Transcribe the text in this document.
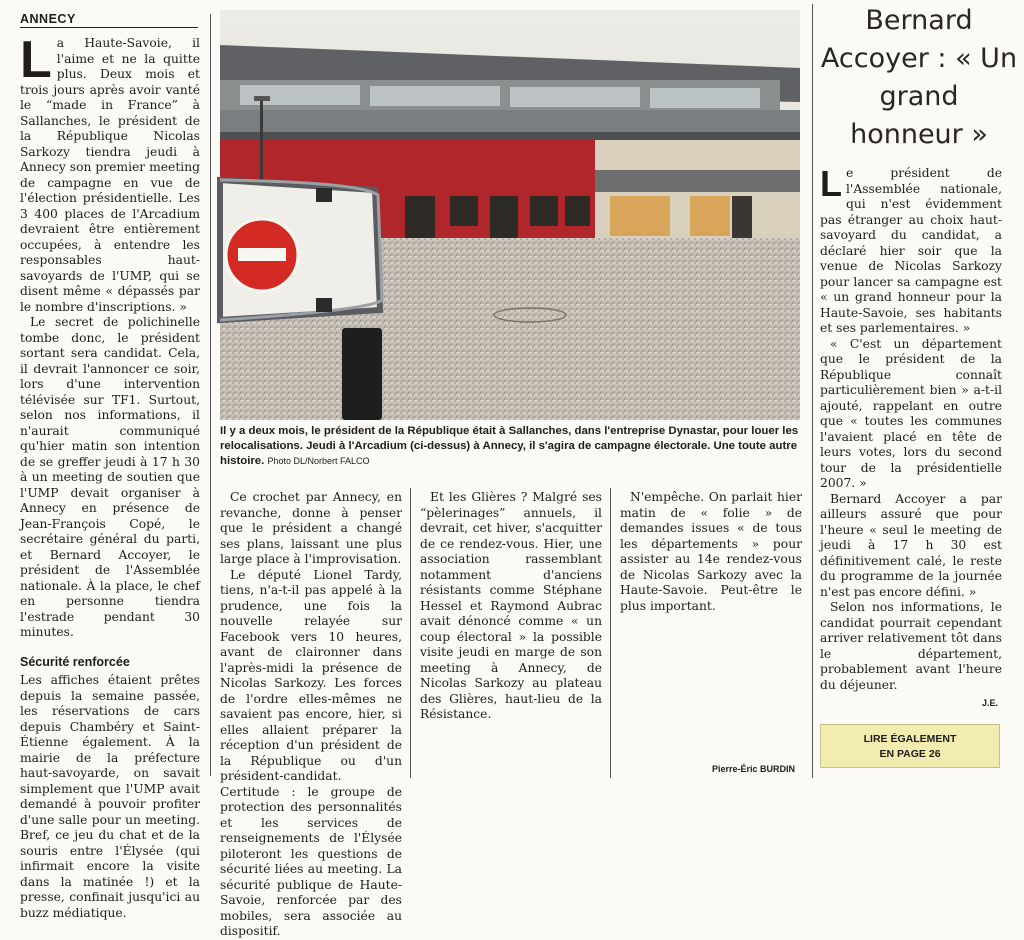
ANNECY

La Haute-Savoie, il l'aime et ne la quitte plus. Deux mois et trois jours après avoir vanté le “made in France” à Sallanches, le président de la République Nicolas Sarkozy tiendra jeudi à Annecy son premier meeting de campagne en vue de l'élection présidentielle. Les 3 400 places de l'Arcadium devraient être entièrement occupées, à entendre les responsables haut-savoyards de l'UMP, qui se disent même « dépassés par le nombre d'inscriptions. »

Le secret de polichinelle tombe donc, le président sortant sera candidat. Cela, il devrait l'annoncer ce soir, lors d'une intervention télévisée sur TF1. Surtout, selon nos informations, il n'aurait communiqué qu'hier matin son intention de se greffer jeudi à 17 h 30 à un meeting de soutien que l'UMP devait organiser à Annecy en présence de Jean-François Copé, le secrétaire général du parti, et Bernard Accoyer, le président de l'Assemblée nationale. À la place, le chef en personne tiendra l'estrade pendant 30 minutes.

Sécurité renforcée

Les affiches étaient prêtes depuis la semaine passée, les réservations de cars depuis Chambéry et Saint-Étienne également. À la mairie de la préfecture haut-savoyarde, on savait simplement que l'UMP avait demandé à pouvoir profiter d'une salle pour un meeting. Bref, ce jeu du chat et de la souris entre l'Élysée (qui infirmait encore la visite dans la matinée !) et la presse, confinait jusqu'ici au buzz médiatique.

Il y a deux mois, le président de la République était à Sallanches, dans l'entreprise Dynastar, pour louer les relocalisations. Jeudi à l'Arcadium (ci-dessus) à Annecy, il s'agira de campagne électorale. Une toute autre histoire. Photo DL/Norbert FALCO

Ce crochet par Annecy, en revanche, donne à penser que le président a changé ses plans, laissant une plus large place à l'improvisation.

Le député Lionel Tardy, tiens, n'a-t-il pas appelé à la prudence, une fois la nouvelle relayée sur Facebook vers 10 heures, avant de claironner dans l'après-midi la présence de Nicolas Sarkozy. Les forces de l'ordre elles-mêmes ne savaient pas encore, hier, si elles allaient préparer la réception d'un président de la République ou d'un président-candidat. Certitude : le groupe de protection des personnalités et les services de renseignements de l'Élysée piloteront les questions de sécurité liées au meeting. La sécurité publique de Haute-Savoie, renforcée par des mobiles, sera associée au dispositif.

Et les Glières ? Malgré ses “pèlerinages” annuels, il devrait, cet hiver, s'acquitter de ce rendez-vous. Hier, une association rassemblant notamment d'anciens résistants comme Stéphane Hessel et Raymond Aubrac avait dénoncé comme « un coup électoral » la possible visite jeudi en marge de son meeting à Annecy, de Nicolas Sarkozy au plateau des Glières, haut-lieu de la Résistance.

N'empêche. On parlait hier matin de « folie » de demandes issues « de tous les départements » pour assister au 14e rendez-vous de Nicolas Sarkozy avec la Haute-Savoie. Peut-être le plus important.

Pierre-Éric BURDIN
Bernard Accoyer : « Un grand honneur »

Le président de l'Assemblée nationale, qui n'est évidemment pas étranger au choix haut-savoyard du candidat, a déclaré hier soir que la venue de Nicolas Sarkozy pour lancer sa campagne est « un grand honneur pour la Haute-Savoie, ses habitants et ses parlementaires. »

« C'est un département que le président de la République connaît particulièrement bien » a-t-il ajouté, rappelant en outre que « toutes les communes l'avaient placé en tête de leurs votes, lors du second tour de la présidentielle 2007. »

Bernard Accoyer a par ailleurs assuré que pour l'heure « seul le meeting de jeudi à 17 h 30 est définitivement calé, le reste du programme de la journée n'est pas encore défini. »

Selon nos informations, le candidat pourrait cependant arriver relativement tôt dans le département, probablement avant l'heure du déjeuner.

J.E.
LIRE ÉGALEMENT
EN PAGE 26
